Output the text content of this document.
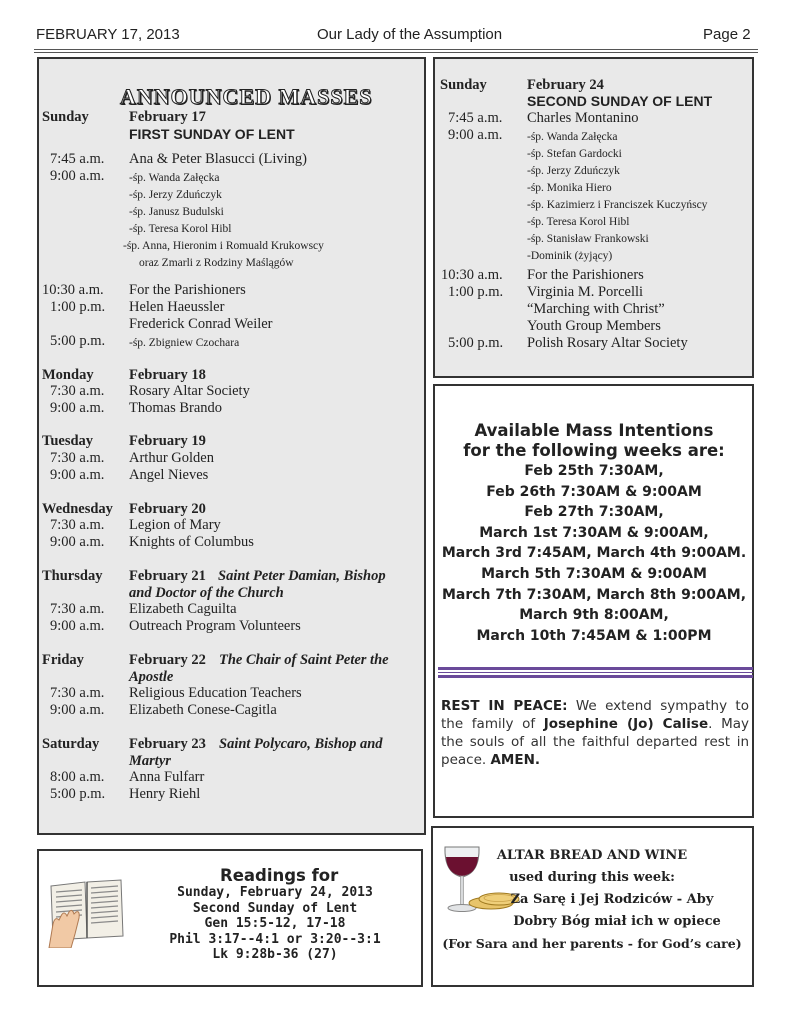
FEBRUARY 17, 2013	Our Lady of the Assumption	Page 2
ANNOUNCED MASSES
Sunday	February 17
FIRST SUNDAY OF LENT
7:45 a.m. Ana & Peter Blasucci (Living)
9:00 a.m. -śp. Wanda Załęcka
-śp. Jerzy Zduńczyk
-śp. Janusz Budulski
-śp. Teresa Korol Hibl
-śp. Anna, Hieronim i Romuald Krukowscy
oraz Zmarli z Rodziny Maślągów
10:30 a.m. For the Parishioners
1:00 p.m. Helen Haeussler
Frederick Conrad Weiler
5:00 p.m. -śp. Zbigniew Czochara
Monday February 18
7:30 a.m. Rosary Altar Society
9:00 a.m. Thomas Brando
Tuesday February 19
7:30 a.m. Arthur Golden
9:00 a.m. Angel Nieves
Wednesday February 20
7:30 a.m. Legion of Mary
9:00 a.m. Knights of Columbus
Thursday February 21 Saint Peter Damian, Bishop
and Doctor of the Church
7:30 a.m. Elizabeth Caguilta
9:00 a.m. Outreach Program Volunteers
Friday	February 22 The Chair of Saint Peter the
Apostle
7:30 a.m. Religious Education Teachers
9:00 a.m. Elizabeth Conese-Cagitla
Saturday February 23 Saint Polycaro, Bishop and
Martyr
8:00 a.m. Anna Fulfarr
5:00 p.m. Henry Riehl
Sunday	February 24
SECOND SUNDAY OF LENT
7:45 a.m. Charles Montanino
9:00 a.m. -śp. Wanda Załęcka
-śp. Stefan Gardocki
-śp. Jerzy Zduńczyk
-śp. Monika Hiero
-śp. Kazimierz i Franciszek Kuczyńscy
-śp. Teresa Korol Hibl
-śp. Stanisław Frankowski
-Dominik (żyjący)
10:30 a.m. For the Parishioners
1:00 p.m. Virginia M. Porcelli
“Marching with Christ”
Youth Group Members
5:00 p.m. Polish Rosary Altar Society
Available Mass Intentions
for the following weeks are:
Feb 25th 7:30AM,
Feb 26th 7:30AM & 9:00AM
Feb 27th 7:30AM,
March 1st 7:30AM & 9:00AM,
March 3rd 7:45AM, March 4th 9:00AM.
March 5th 7:30AM & 9:00AM
March 7th 7:30AM, March 8th 9:00AM,
March 9th 8:00AM,
March 10th 7:45AM & 1:00PM
REST IN PEACE: We extend sympathy to the family of Josephine (Jo) Calise. May the souls of all the faithful departed rest in peace. AMEN.
Readings for
Sunday, February 24, 2013
Second Sunday of Lent
Gen 15:5-12, 17-18
Phil 3:17--4:1 or 3:20--3:1
Lk 9:28b-36 (27)
ALTAR BREAD AND WINE
used during this week:
Za Sarę i Jej Rodziców - Aby
Dobry Bóg miał ich w opiece
(For Sara and her parents - for God’s care)
